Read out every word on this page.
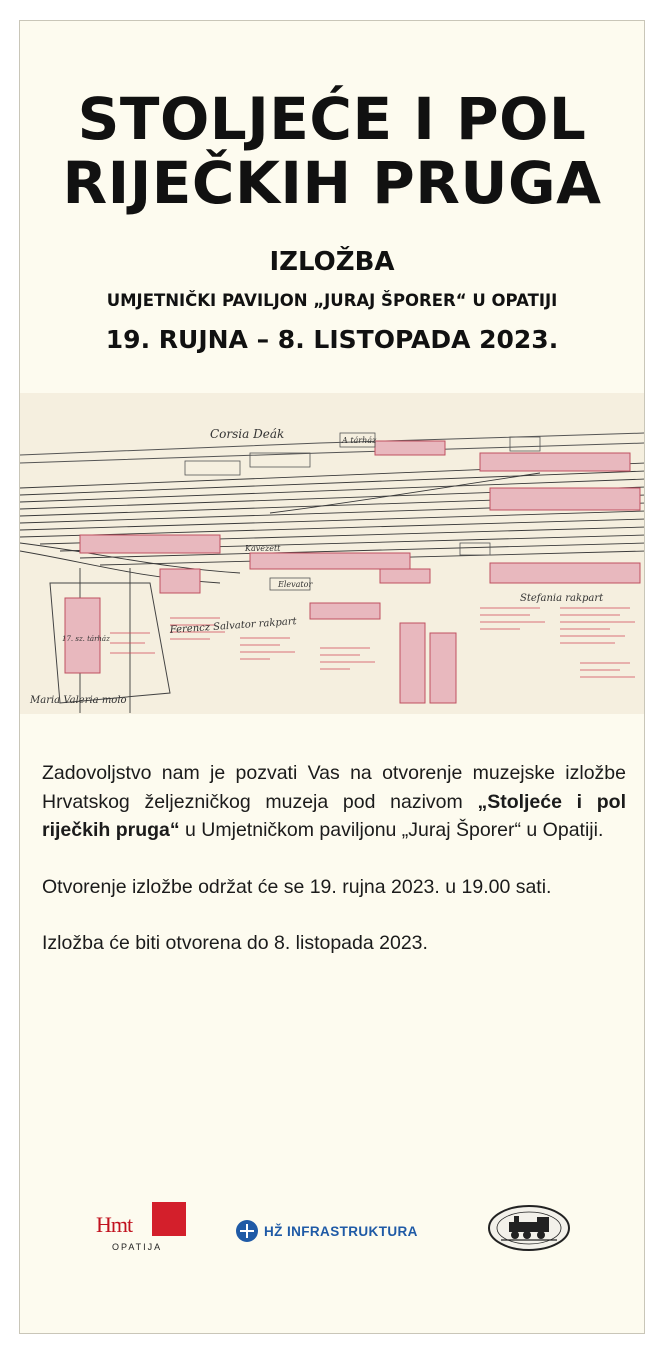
STOLJEĆE I POL
RIJEČKIH PRUGA
IZLOŽBA
UMJETNIČKI PAVILJON „JURAJ ŠPORER“ U OPATIJI
19. RUJNA – 8. LISTOPADA 2023.
Corsia Deák
Ferencz Salvator rakpart
Maria Valeria molo
Stefania rakpart
17. sz. tárház
Kavezett
Elevator
A tárház

Zadovoljstvo nam je pozvati Vas na otvorenje muzejske izložbe Hrvatskog željezničkog muzeja pod nazivom „Stoljeće i pol riječkih pruga“ u Umjetničkom paviljonu „Juraj Šporer“ u Opatiji.

Otvorenje izložbe održat će se 19. rujna 2023. u 19.00 sati.

Izložba će biti otvorena do 8. listopada 2023.

Hmt
OPATIJA
HŽ INFRASTRUKTURA
